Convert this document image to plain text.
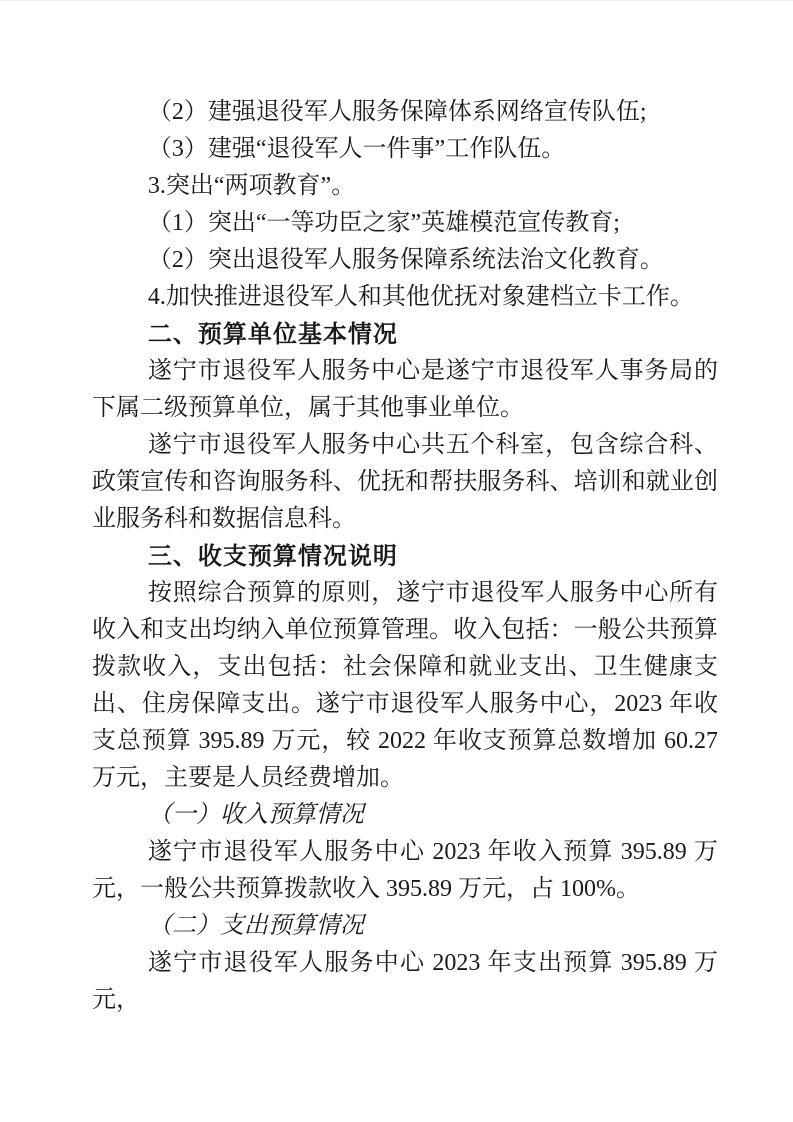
（2）建强退役军人服务保障体系网络宣传队伍;

（3）建强“退役军人一件事”工作队伍。

3.突出“两项教育”。

（1）突出“一等功臣之家”英雄模范宣传教育;

（2）突出退役军人服务保障系统法治文化教育。

4.加快推进退役军人和其他优抚对象建档立卡工作。

二、预算单位基本情况

遂宁市退役军人服务中心是遂宁市退役军人事务局的下属二级预算单位，属于其他事业单位。

遂宁市退役军人服务中心共五个科室，包含综合科、政策宣传和咨询服务科、优抚和帮扶服务科、培训和就业创业服务科和数据信息科。

三、收支预算情况说明

按照综合预算的原则，遂宁市退役军人服务中心所有收入和支出均纳入单位预算管理。收入包括：一般公共预算拨款收入，支出包括：社会保障和就业支出、卫生健康支出、住房保障支出。遂宁市退役军人服务中心，2023 年收支总预算 395.89 万元，较 2022 年收支预算总数增加 60.27 万元，主要是人员经费增加。

（一）收入预算情况

遂宁市退役军人服务中心 2023 年收入预算 395.89 万元，一般公共预算拨款收入 395.89 万元，占 100%。

（二）支出预算情况

遂宁市退役军人服务中心 2023 年支出预算 395.89 万元，
